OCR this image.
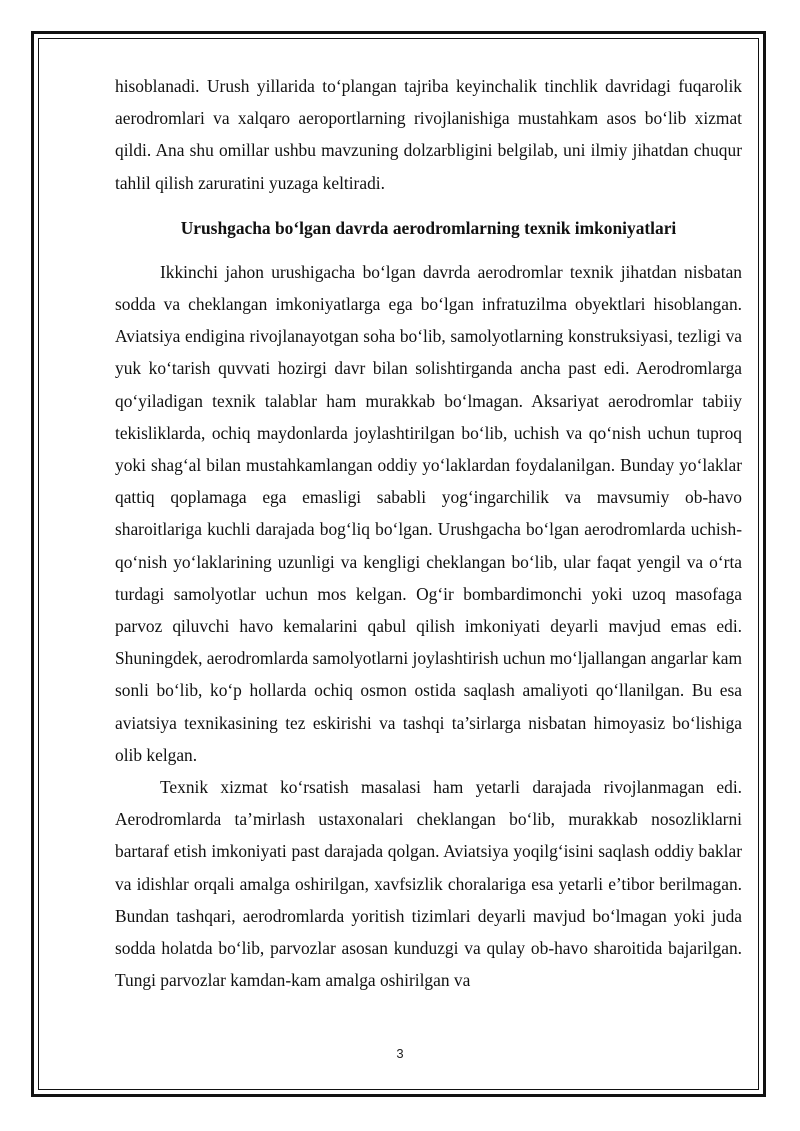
hisoblanadi. Urush yillarida to‘plangan tajriba keyinchalik tinchlik davridagi fuqarolik aerodromlari va xalqaro aeroportlarning rivojlanishiga mustahkam asos bo‘lib xizmat qildi. Ana shu omillar ushbu mavzuning dolzarbligini belgilab, uni ilmiy jihatdan chuqur tahlil qilish zaruratini yuzaga keltiradi.

Urushgacha bo‘lgan davrda aerodromlarning texnik imkoniyatlari

Ikkinchi jahon urushigacha bo‘lgan davrda aerodromlar texnik jihatdan nisbatan sodda va cheklangan imkoniyatlarga ega bo‘lgan infratuzilma obyektlari hisoblangan. Aviatsiya endigina rivojlanayotgan soha bo‘lib, samolyotlarning konstruksiyasi, tezligi va yuk ko‘tarish quvvati hozirgi davr bilan solishtirganda ancha past edi. Aerodromlarga qo‘yiladigan texnik talablar ham murakkab bo‘lmagan. Aksariyat aerodromlar tabiiy tekisliklarda, ochiq maydonlarda joylashtirilgan bo‘lib, uchish va qo‘nish uchun tuproq yoki shag‘al bilan mustahkamlangan oddiy yo‘laklardan foydalanilgan. Bunday yo‘laklar qattiq qoplamaga ega emasligi sababli yog‘ingarchilik va mavsumiy ob-havo sharoitlariga kuchli darajada bog‘liq bo‘lgan. Urushgacha bo‘lgan aerodromlarda uchish-qo‘nish yo‘laklarining uzunligi va kengligi cheklangan bo‘lib, ular faqat yengil va o‘rta turdagi samolyotlar uchun mos kelgan. Og‘ir bombardimonchi yoki uzoq masofaga parvoz qiluvchi havo kemalarini qabul qilish imkoniyati deyarli mavjud emas edi. Shuningdek, aerodromlarda samolyotlarni joylashtirish uchun mo‘ljallangan angarlar kam sonli bo‘lib, ko‘p hollarda ochiq osmon ostida saqlash amaliyoti qo‘llanilgan. Bu esa aviatsiya texnikasining tez eskirishi va tashqi ta’sirlarga nisbatan himoyasiz bo‘lishiga olib kelgan.

Texnik xizmat ko‘rsatish masalasi ham yetarli darajada rivojlanmagan edi. Aerodromlarda ta’mirlash ustaxonalari cheklangan bo‘lib, murakkab nosozliklarni bartaraf etish imkoniyati past darajada qolgan. Aviatsiya yoqilg‘isini saqlash oddiy baklar va idishlar orqali amalga oshirilgan, xavfsizlik choralariga esa yetarli e’tibor berilmagan. Bundan tashqari, aerodromlarda yoritish tizimlari deyarli mavjud bo‘lmagan yoki juda sodda holatda bo‘lib, parvozlar asosan kunduzgi va qulay ob-havo sharoitida bajarilgan. Tungi parvozlar kamdan-kam amalga oshirilgan va

3
